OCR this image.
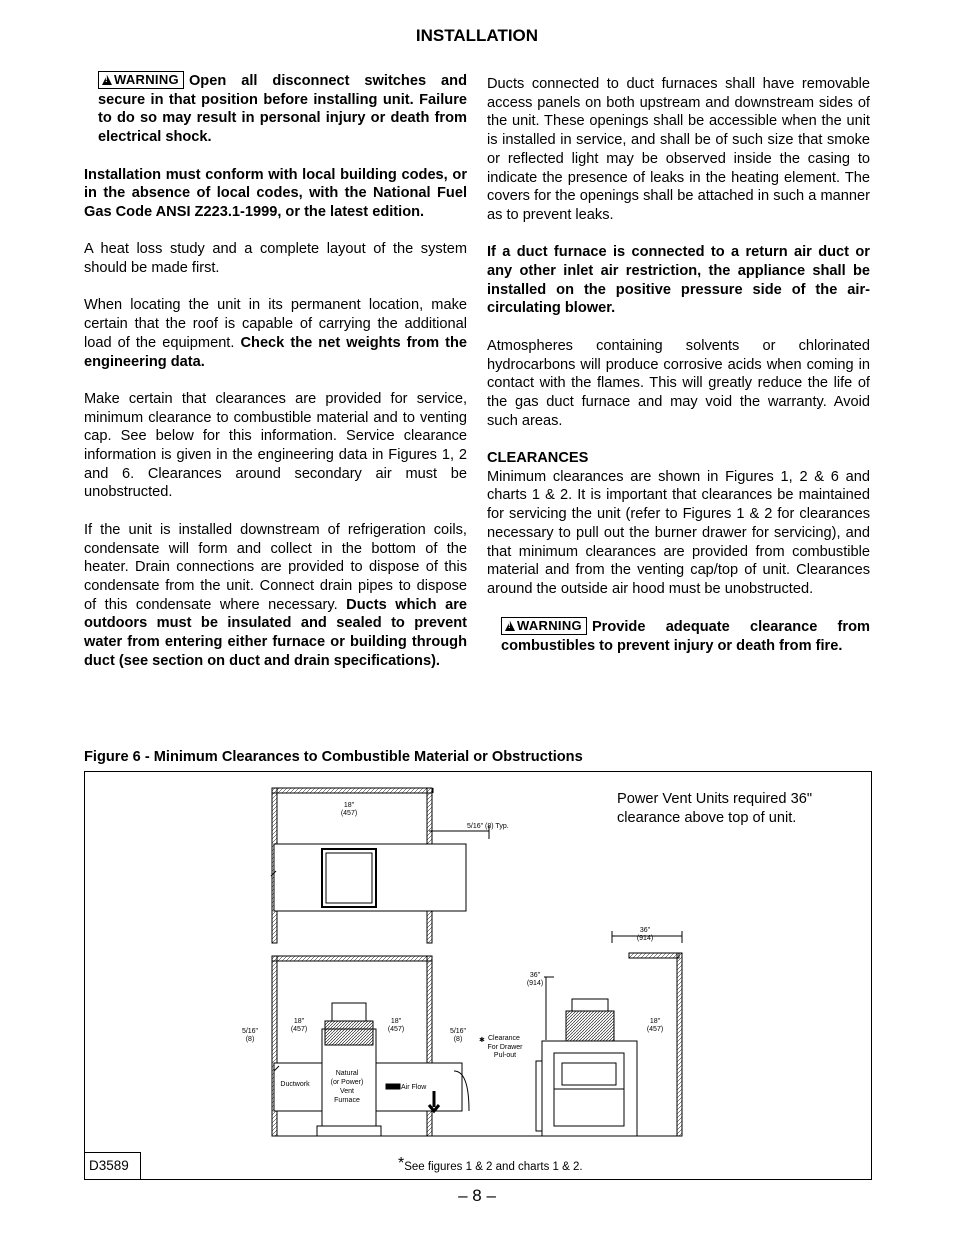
INSTALLATION

!WARNING Open all disconnect switches and secure in that position before installing unit. Failure to do so may result in personal injury or death from electrical shock.

Installation must conform with local building codes, or in the absence of local codes, with the National Fuel Gas Code ANSI Z223.1-1999, or the latest edition.

A heat loss study and a complete layout of the system should be made first.

When locating the unit in its permanent location, make certain that the roof is capable of carrying the additional load of the equipment. Check the net weights from the engineering data.

Make certain that clearances are provided for service, minimum clearance to combustible material and to venting cap. See below for this information. Service clearance information is given in the engineering data in Figures 1, 2 and 6. Clearances around secondary air must be unobstructed.

If the unit is installed downstream of refrigeration coils, condensate will form and collect in the bottom of the heater. Drain connections are provided to dispose of this condensate from the unit. Connect drain pipes to dispose of this condensate where necessary. Ducts which are outdoors must be insulated and sealed to prevent water from entering either furnace or building through duct (see section on duct and drain specifications).

Ducts connected to duct furnaces shall have removable access panels on both upstream and downstream sides of the unit. These openings shall be accessible when the unit is installed in service, and shall be of such size that smoke or reflected light may be observed inside the casing to indicate the presence of leaks in the heating element. The covers for the openings shall be attached in such a manner as to prevent leaks.

If a duct furnace is connected to a return air duct or any other inlet air restriction, the appliance shall be installed on the positive pressure side of the air-circulating blower.

Atmospheres containing solvents or chlorinated hydrocarbons will produce corrosive acids when coming in contact with the flames. This will greatly reduce the life of the gas duct furnace and may void the warranty. Avoid such areas.

CLEARANCES

Minimum clearances are shown in Figures 1, 2 & 6 and charts 1 & 2. It is important that clearances be maintained for servicing the unit (refer to Figures 1 & 2 for clearances necessary to pull out the burner drawer for servicing), and that minimum clearances are provided from combustible material and from the venting cap/top of unit. Clearances around the outside air hood must be unobstructed.

!WARNING Provide adequate clearance from combustibles to prevent injury or death from fire.

Figure 6 - Minimum Clearances to Combustible Material or Obstructions
18"
(457)
5/16" (8) Typ.
5/16"
(8)
18"
(457)
18"
(457)	5/16"
(8)
Ductwork
Natural
(or Power)
Vent
Furnace
Air Flow
✱ Clearance
For Drawer
Pul-out
36"
(914)
36"
(914)
18"
(457)
Power Vent Units required 36" clearance above top of unit.
D3589	*See figures 1 & 2 and charts 1 & 2.
– 8 –
